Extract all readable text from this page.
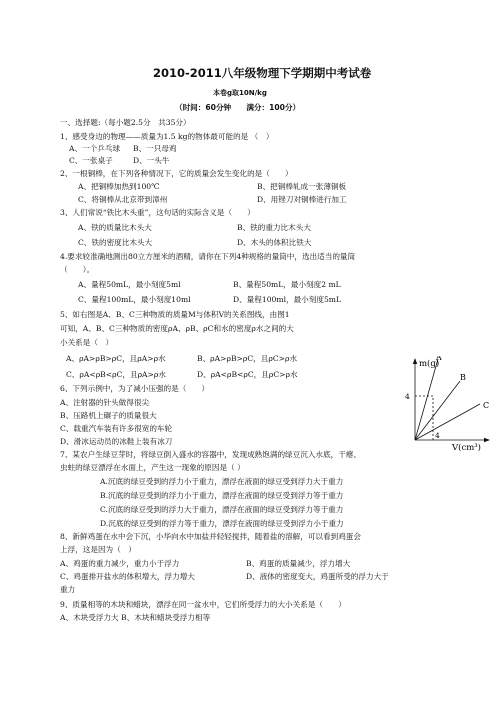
2010-2011八年级物理下学期期中考试卷
本卷g取10N/kg
（时间：60分钟　　满分：100分）
一、选择题:（每小题2.5分　共35分）
1、感受身边的物理——质量为1.5 kg的物体最可能的是 （　）
A、一个乒乓球 B、一只母鸡
C、一张桌子	D、一头牛
2、一根铜棒，在下列各种情况下，它的质量会发生变化的是（　　）
A、把铜棒加热到100℃	B、把铜棒轧成一张薄铜板
C、将铜棒从北京带到漳州	D、用锉刀对铜棒进行加工
3、人们常说“铁比木头重”，这句话的实际含义是（　　）
A、铁的质量比木头大	B、铁的重力比木头大
C、铁的密度比木头大	D、木头的体积比铁大
4.要求较准确地测出80立方厘米的酒精，请你在下列4种规格的量筒中，选出适当的量筒
（　　）。
A、量程50mL，最小刻度5ml	B、量程50mL，最小刻度2 mL
C、量程100mL，最小刻度10ml	D、量程100ml，最小刻度5mL
5、如右图是A、B、C三种物质的质量M与体积V的关系图线，由图1
可知，A、B、C三种物质的密度ρA、ρB、ρC和水的密度ρ水之间的大
小关系是（　）
A、ρA>ρB>ρC，且ρA>ρ水	B、ρA>ρB>ρC，且ρC>ρ水
C、ρA<ρB<ρC，且ρA>ρ水	D、ρA<ρB<ρC，且ρC>ρ水
6、下列示例中，为了减小压强的是（　　）
A、注射器的针头做得很尖
B、压路机上碾子的质量很大
C、载重汽车装有许多很宽的车轮
D、滑冰运动员的冰鞋上装有冰刀
7、某农户生绿豆芽时，将绿豆倒入盛水的容器中，发现成熟饱满的绿豆沉入水底，干瘪、
虫蛀的绿豆漂浮在水面上，产生这一现象的原因是（ ）
A.沉底的绿豆受到的浮力小于重力，漂浮在液面的绿豆受到浮力大于重力
B.沉底的绿豆受到的浮力小于重力，漂浮在液面的绿豆受到浮力等于重力
C.沉底的绿豆受到的浮力大于重力，漂浮在液面的绿豆受到浮力等于重力
D.沉底的绿豆受到的浮力等于重力，漂浮在液面的绿豆受到浮力小于重力
8、新鲜鸡蛋在水中会下沉，小华向水中加盐并轻轻搅拌，随着盐的溶解，可以看到鸡蛋会
上浮，这是因为（　）
A、鸡蛋的重力减少，重力小于浮力	B、鸡蛋的质量减少，浮力增大
C、鸡蛋排开盐水的体积增大，浮力增大	D、液体的密度变大，鸡蛋所受的浮力大于
重力
9、质量相等的木块和蜡块，漂浮在同一盆水中，它们所受浮力的大小关系是（　　）
A、木块受浮力大 B、木块和蜡块受浮力相等
m(g)
A
B
C
4
4
V(cm³)
